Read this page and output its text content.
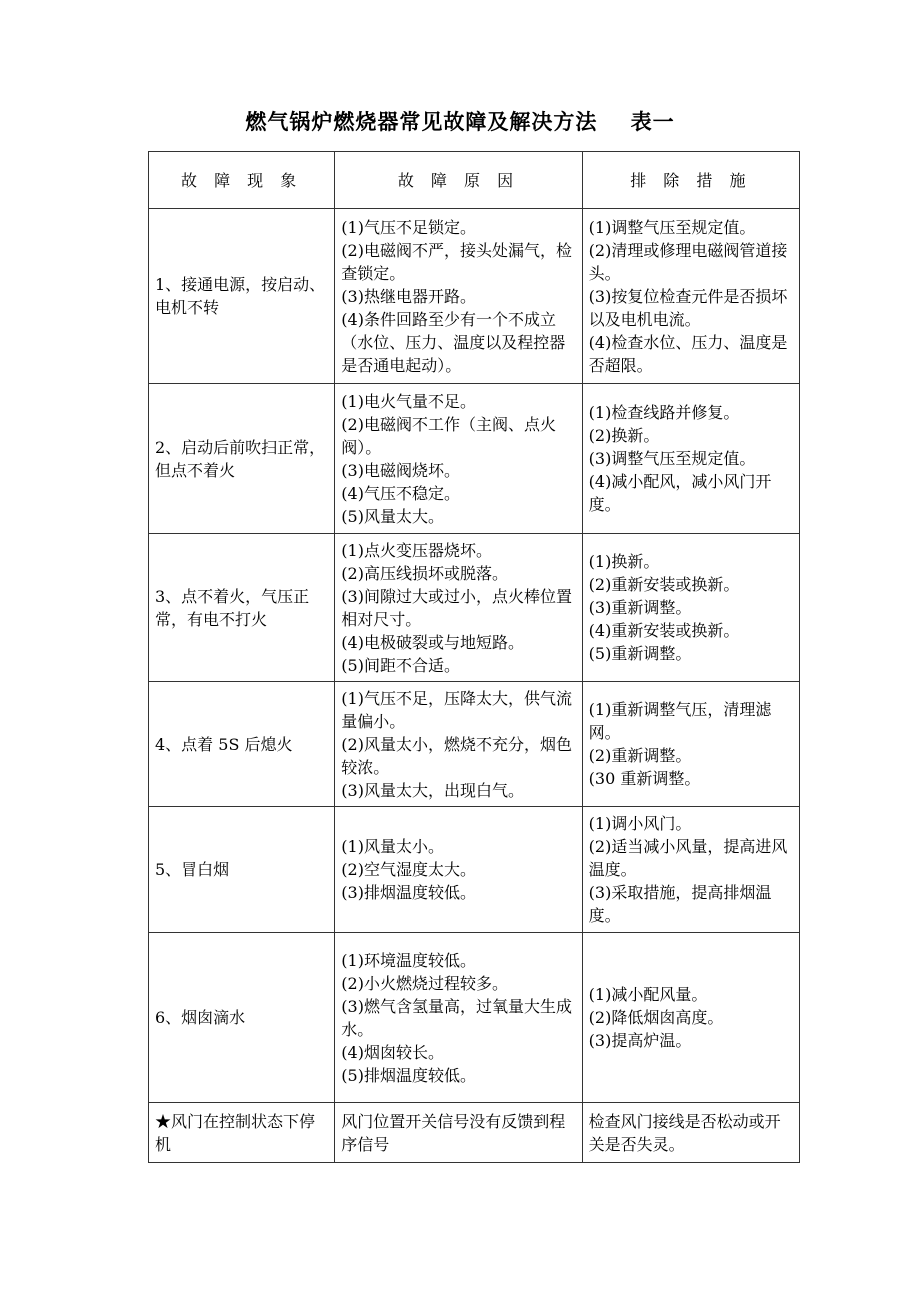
燃气锅炉燃烧器常见故障及解决方法    表一
故 障 现 象	故 障 原 因	排 除 措 施
1、接通电源，按启动、电机不转	(1)气压不足锁定。
(2)电磁阀不严，接头处漏气，检查锁定。
(3)热继电器开路。
(4)条件回路至少有一个不成立（水位、压力、温度以及程控器是否通电起动）。	(1)调整气压至规定值。
(2)清理或修理电磁阀管道接头。
(3)按复位检查元件是否损坏以及电机电流。
(4)检查水位、压力、温度是否超限。

2、启动后前吹扫正常，但点不着火	(1)电火气量不足。
(2)电磁阀不工作（主阀、点火阀）。
(3)电磁阀烧坏。
(4)气压不稳定。
(5)风量太大。	(1)检查线路并修复。
(2)换新。
(3)调整气压至规定值。
(4)减小配风，减小风门开度。

3、点不着火，气压正常，有电不打火	(1)点火变压器烧坏。
(2)高压线损坏或脱落。
(3)间隙过大或过小，点火棒位置相对尺寸。
(4)电极破裂或与地短路。
(5)间距不合适。	(1)换新。
(2)重新安装或换新。
(3)重新调整。
(4)重新安装或换新。
(5)重新调整。

4、点着 5S 后熄火	(1)气压不足，压降太大，供气流量偏小。
(2)风量太小，燃烧不充分，烟色较浓。
(3)风量太大，出现白气。	(1)重新调整气压，清理滤网。
(2)重新调整。
(30 重新调整。

5、冒白烟	(1)风量太小。
(2)空气湿度太大。
(3)排烟温度较低。	(1)调小风门。
(2)适当减小风量，提高进风温度。
(3)采取措施，提高排烟温度。

6、烟囱滴水	(1)环境温度较低。
(2)小火燃烧过程较多。
(3)燃气含氢量高，过氧量大生成水。
(4)烟囱较长。
(5)排烟温度较低。	(1)减小配风量。
(2)降低烟囱高度。
(3)提高炉温。

★风门在控制状态下停机	风门位置开关信号没有反馈到程序信号	检查风门接线是否松动或开关是否失灵。
